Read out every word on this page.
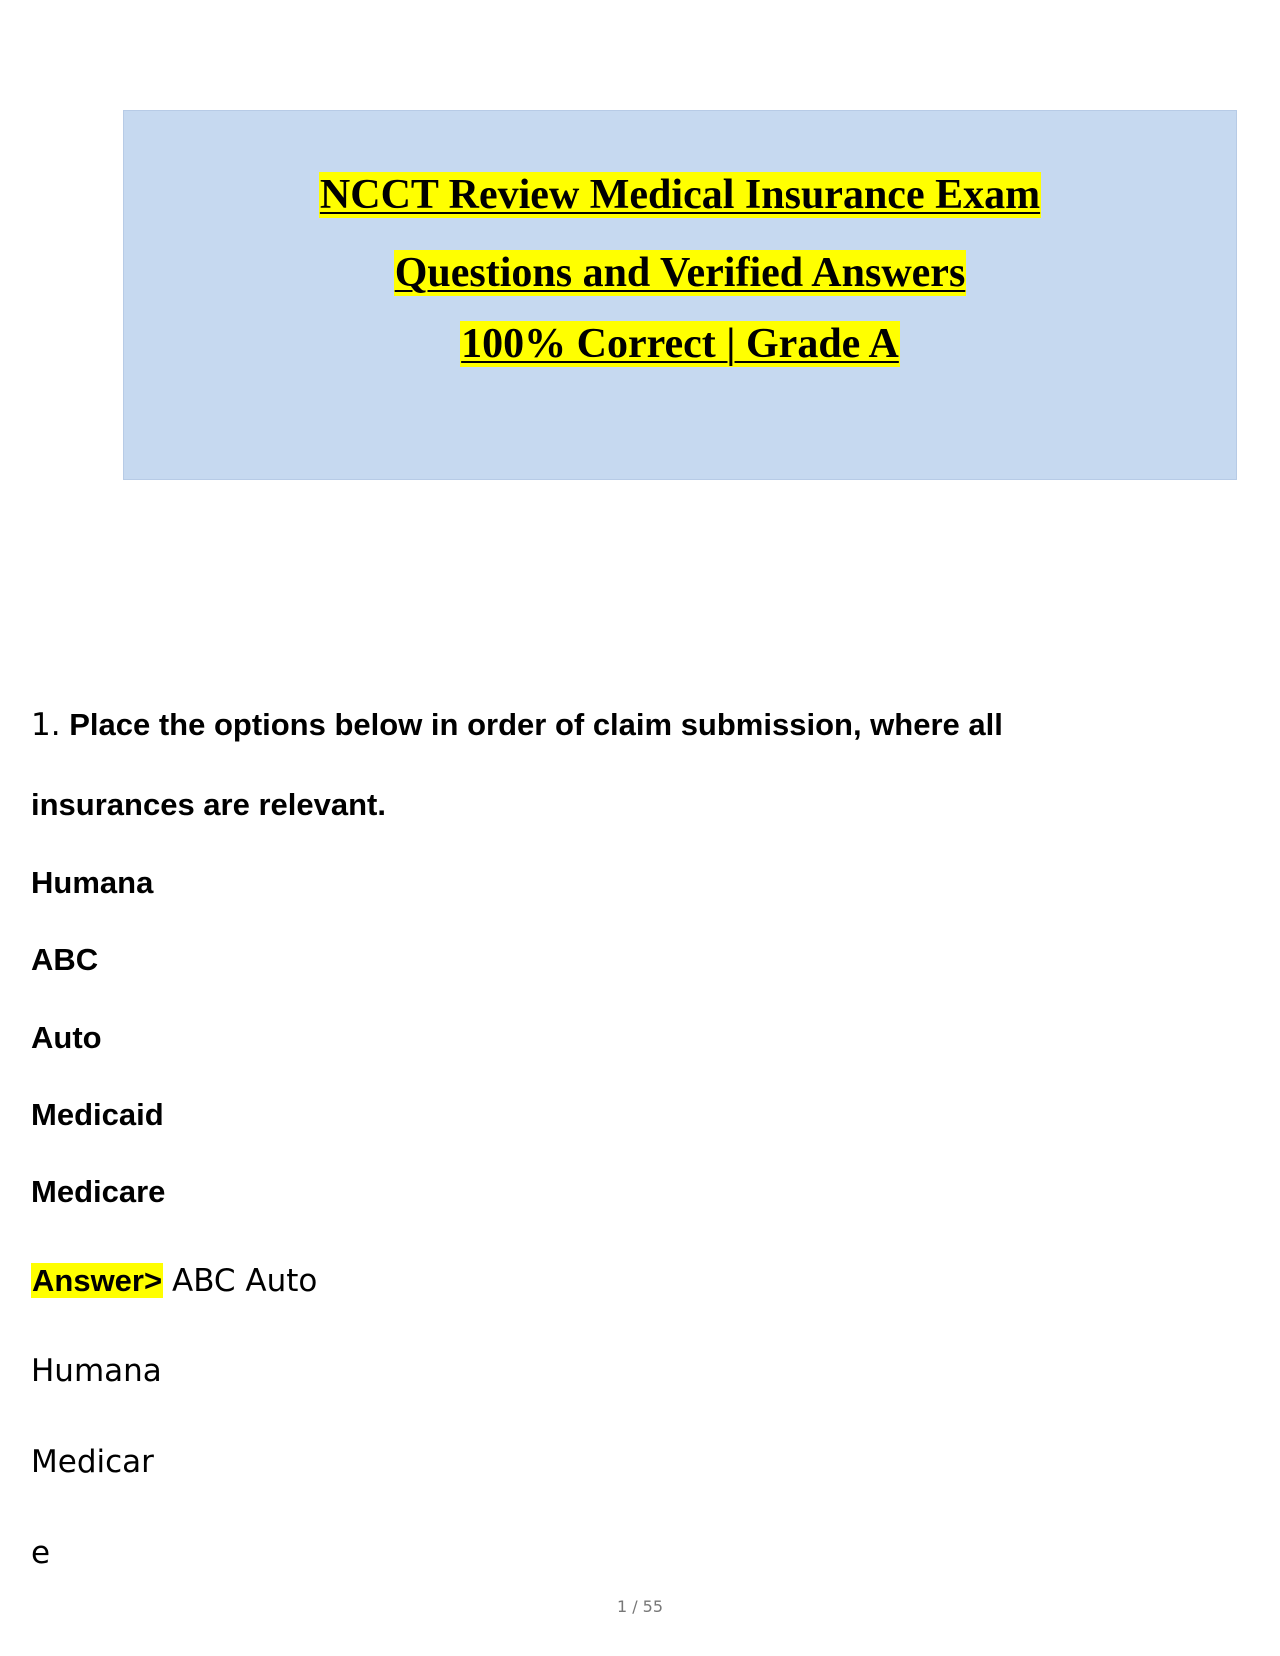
NCCT Review Medical Insurance Exam
Questions and Verified Answers
100% Correct | Grade A
1. Place the options below in order of claim submission, where all
insurances are relevant.
Humana
ABC
Auto
Medicaid
Medicare
Answer> ABC Auto
Humana
Medicar
e
1 / 55
